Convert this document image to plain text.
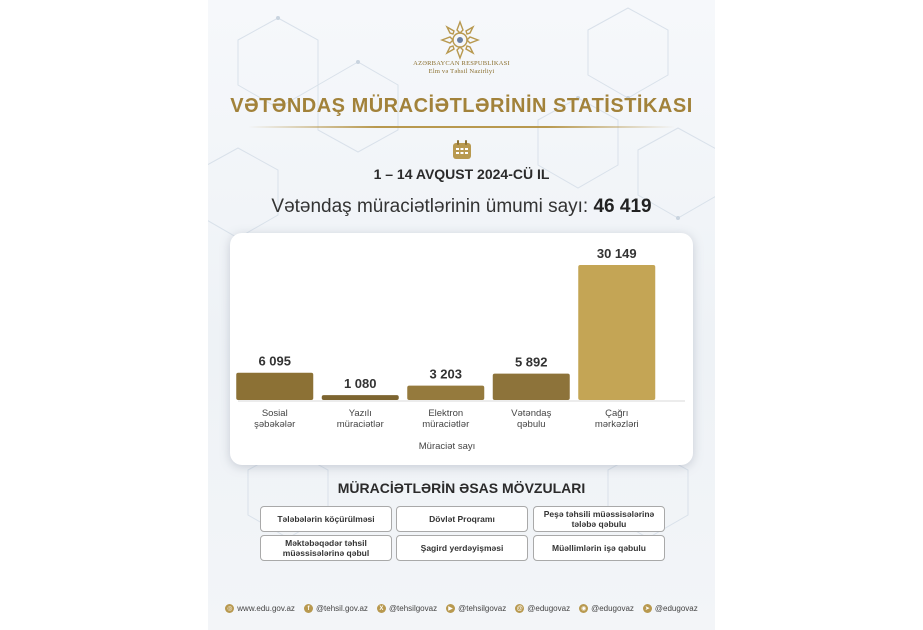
AZƏRBAYCAN RESPUBLİKASI
Elm və Təhsil Nazirliyi
VƏTƏNDAŞ MÜRACİƏTLƏRİNİN STATİSTİKASI
1 – 14 AVQUST 2024-CÜ IL
Vətəndaş müraciətlərinin ümumi sayı: 46 419
6 095
Sosial
şəbəkələr
1 080
Yazılı
müraciətlər
3 203
Elektron
müraciətlər
5 892
Vətəndaş
qəbulu
30 149
Çağrı
mərkəzləri
Müraciət sayı
MÜRACİƏTLƏRİN ƏSAS MÖVZULARI
Tələbələrin köçürülməsi	Dövlət Proqramı	Peşə təhsili müəssisələrinə
tələbə qəbulu
Məktəbəqədər təhsil
müəssisələrinə qəbul	Şagird yerdəyişməsi	Müəllimlərin işə qəbulu
◎ www.edu.gov.az	f @tehsil.gov.az	X @tehsilgovaz	▶ @tehsilgovaz @ @edugovaz	◉ @edugovaz	➤ @edugovaz
